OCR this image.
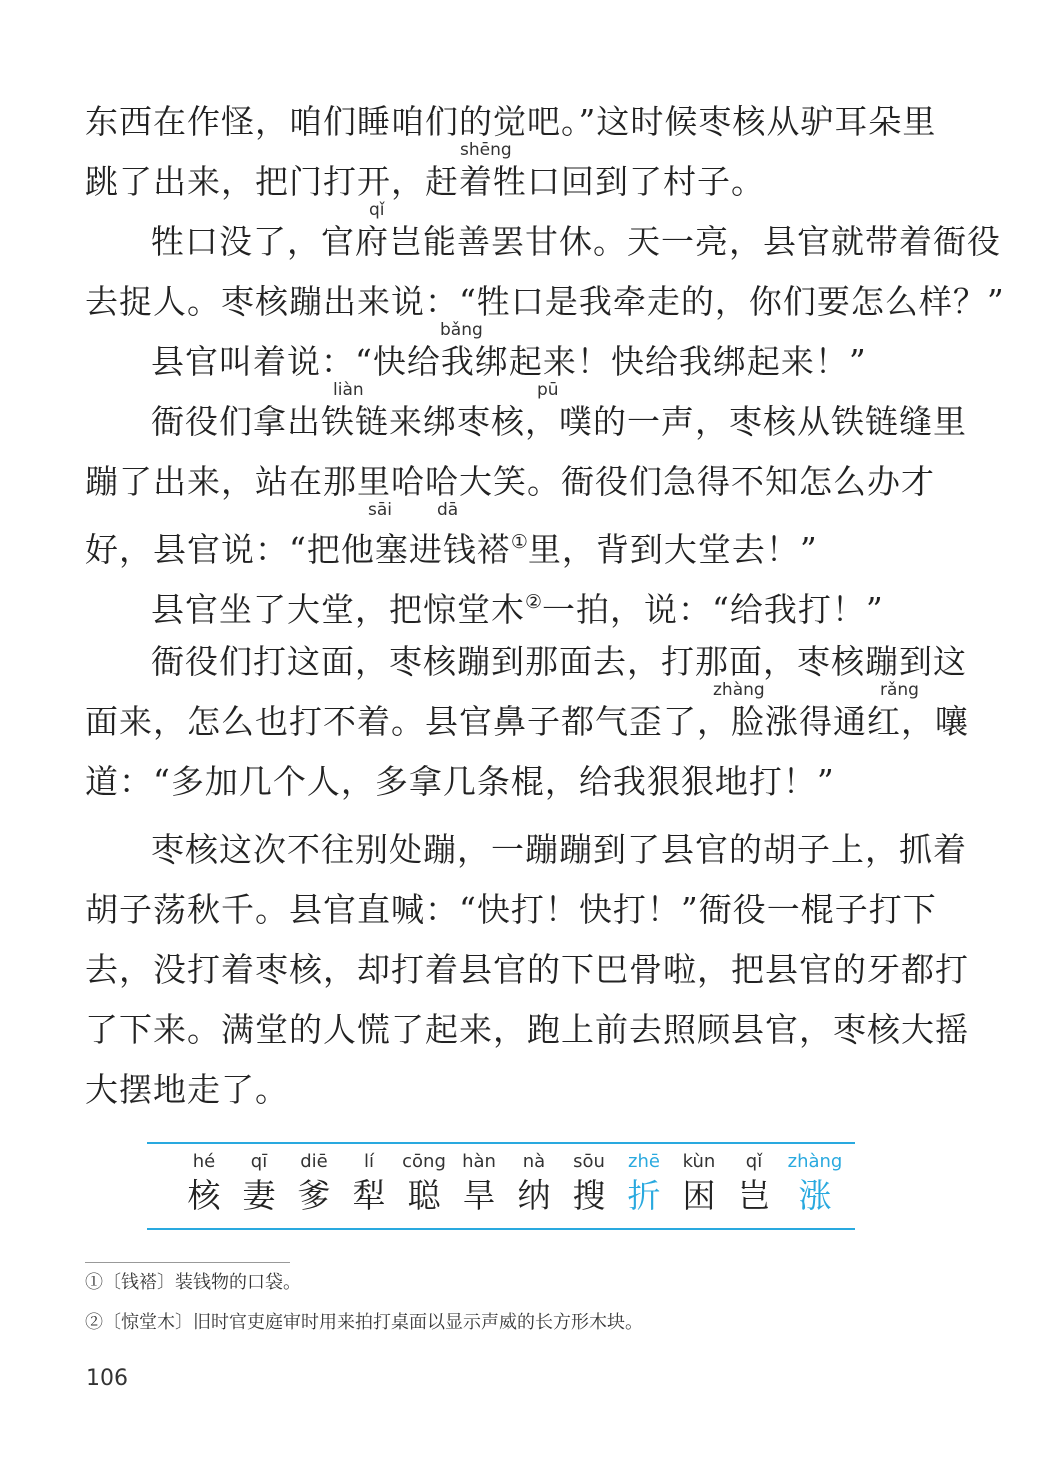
东西在作怪，咱们睡咱们的觉吧。”这时候枣核从驴耳朵里
shēng
跳了出来，把门打开，赶着牲口回到了村子。
qǐ
牲口没了，官府岂能善罢甘休。天一亮，县官就带着衙役
去捉人。枣核蹦出来说：“牲口是我牵走的，你们要怎么样？”
bǎng
县官叫着说：“快给我绑起来！快给我绑起来！”
liàn	pū
衙役们拿出铁链来绑枣核，噗的一声，枣核从铁链缝里
蹦了出来，站在那里哈哈大笑。衙役们急得不知怎么办才
sāi	dā
好，县官说：“把他塞进钱褡①里，背到大堂去！”
县官坐了大堂，把惊堂木②一拍，说：“给我打！”
衙役们打这面，枣核蹦到那面去，打那面，枣核蹦到这
zhàng	rǎng
面来，怎么也打不着。县官鼻子都气歪了，脸涨得通红，嚷
道：“多加几个人，多拿几条棍，给我狠狠地打！”
枣核这次不往别处蹦，一蹦蹦到了县官的胡子上，抓着
胡子荡秋千。县官直喊：“快打！快打！”衙役一棍子打下
去，没打着枣核，却打着县官的下巴骨啦，把县官的牙都打
了下来。满堂的人慌了起来，跑上前去照顾县官，枣核大摇
大摆地走了。
hé
核
qī
妻
diē
爹
lí
犁
cōng
聪
hàn
旱
nà
纳
sōu
搜
zhē
折
kùn
困
qǐ
岂
zhàng
涨
①〔钱褡〕装钱物的口袋。
②〔惊堂木〕旧时官吏庭审时用来拍打桌面以显示声威的长方形木块。
106
